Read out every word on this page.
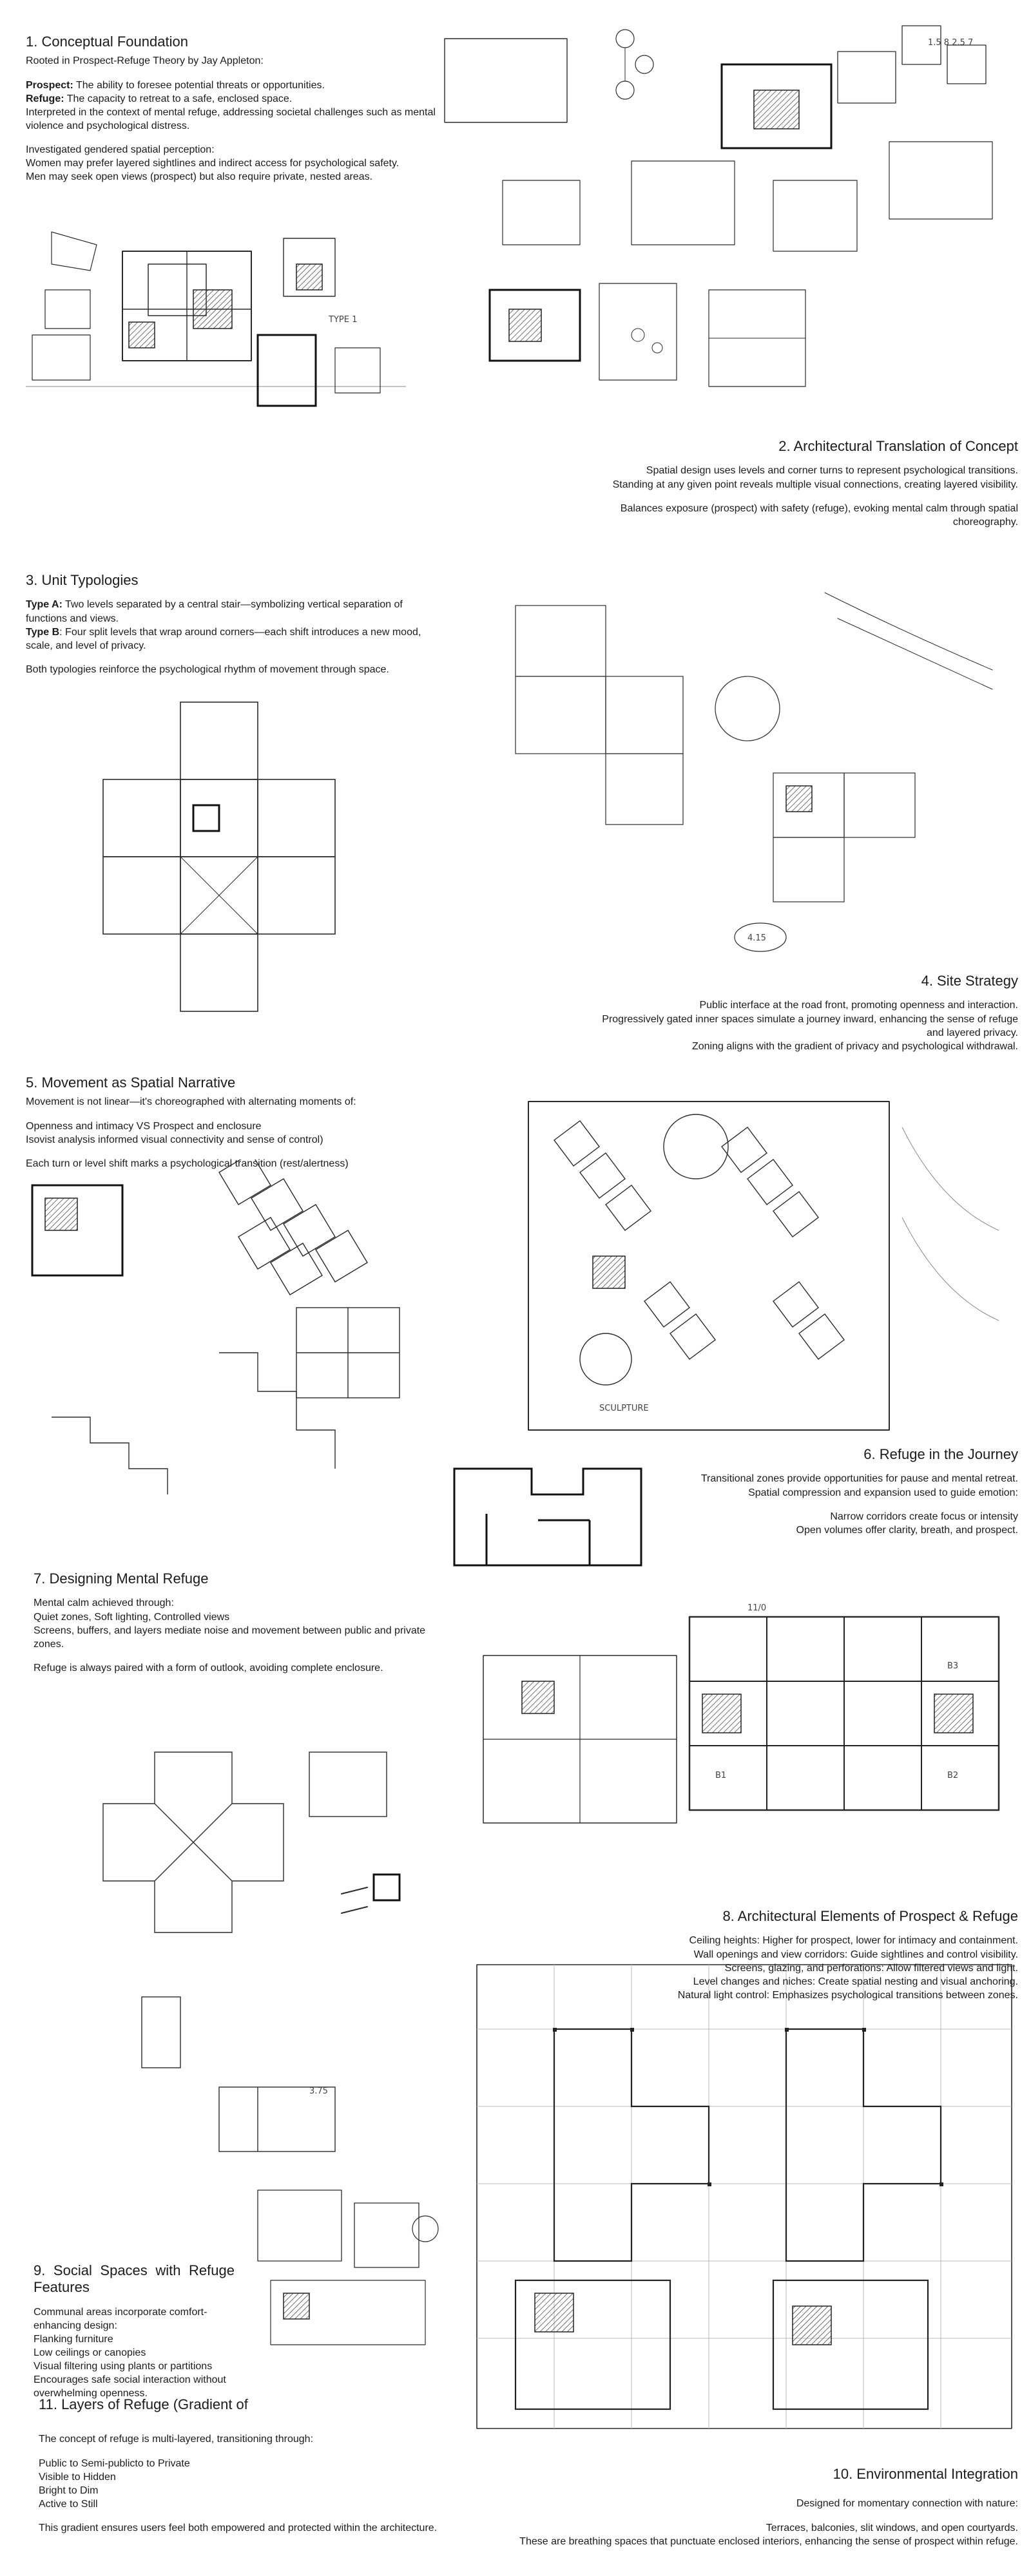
TYPE 1
1.5 8 2.5 7
4.15
SCULPTURE
3.75
B1	B2
B3
11/0
1. Conceptual Foundation

Rooted in Prospect-Refuge Theory by Jay Appleton:

Prospect: The ability to foresee potential threats or opportunities.

Refuge: The capacity to retreat to a safe, enclosed space.

Interpreted in the context of mental refuge, addressing societal challenges such as mental violence and psychological distress.

Investigated gendered spatial perception:

Women may prefer layered sightlines and indirect access for psychological safety.

Men may seek open views (prospect) but also require private, nested areas.

2. Architectural Translation of Concept

Spatial design uses levels and corner turns to represent psychological transitions.

Standing at any given point reveals multiple visual connections, creating layered visibility.

Balances exposure (prospect) with safety (refuge), evoking mental calm through spatial

choreography.

3. Unit Typologies

Type A: Two levels separated by a central stair—symbolizing vertical separation of functions and views.

Type B: Four split levels that wrap around corners—each shift introduces a new mood, scale, and level of privacy.

Both typologies reinforce the psychological rhythm of movement through space.

4. Site Strategy

Public interface at the road front, promoting openness and interaction.

Progressively gated inner spaces simulate a journey inward, enhancing the sense of refuge

and layered privacy.

Zoning aligns with the gradient of privacy and psychological withdrawal.

5. Movement as Spatial Narrative

Movement is not linear—it's choreographed with alternating moments of:

Openness and intimacy VS Prospect and enclosure

Isovist analysis informed visual connectivity and sense of control)

Each turn or level shift marks a psychological transition (rest/alertness)

6. Refuge in the Journey

Transitional zones provide opportunities for pause and mental retreat.

Spatial compression and expansion used to guide emotion:

Narrow corridors create focus or intensity

Open volumes offer clarity, breath, and prospect.

7. Designing Mental Refuge

Mental calm achieved through:

Quiet zones, Soft lighting, Controlled views

Screens, buffers, and layers mediate noise and movement between public and private zones.

Refuge is always paired with a form of outlook, avoiding complete enclosure.

8. Architectural Elements of Prospect & Refuge

Ceiling heights: Higher for prospect, lower for intimacy and containment.

Wall openings and view corridors: Guide sightlines and control visibility.

Screens, glazing, and perforations: Allow filtered views and light.

Level changes and niches: Create spatial nesting and visual anchoring.

Natural light control: Emphasizes psychological transitions between zones.

9. Social Spaces with Refuge Features

Communal areas incorporate comfort-enhancing design:

Flanking furniture

Low ceilings or canopies

Visual filtering using plants or partitions

Encourages safe social interaction without overwhelming openness.

10. Environmental Integration

Designed for momentary connection with nature:

Terraces, balconies, slit windows, and open courtyards.

These are breathing spaces that punctuate enclosed interiors, enhancing the sense of prospect within refuge.

11. Layers of Refuge (Gradient of

The concept of refuge is multi-layered, transitioning through:

Public to Semi-publicto to Private

Visible to Hidden

Bright to Dim

Active to Still

This gradient ensures users feel both empowered and protected within the architecture.
